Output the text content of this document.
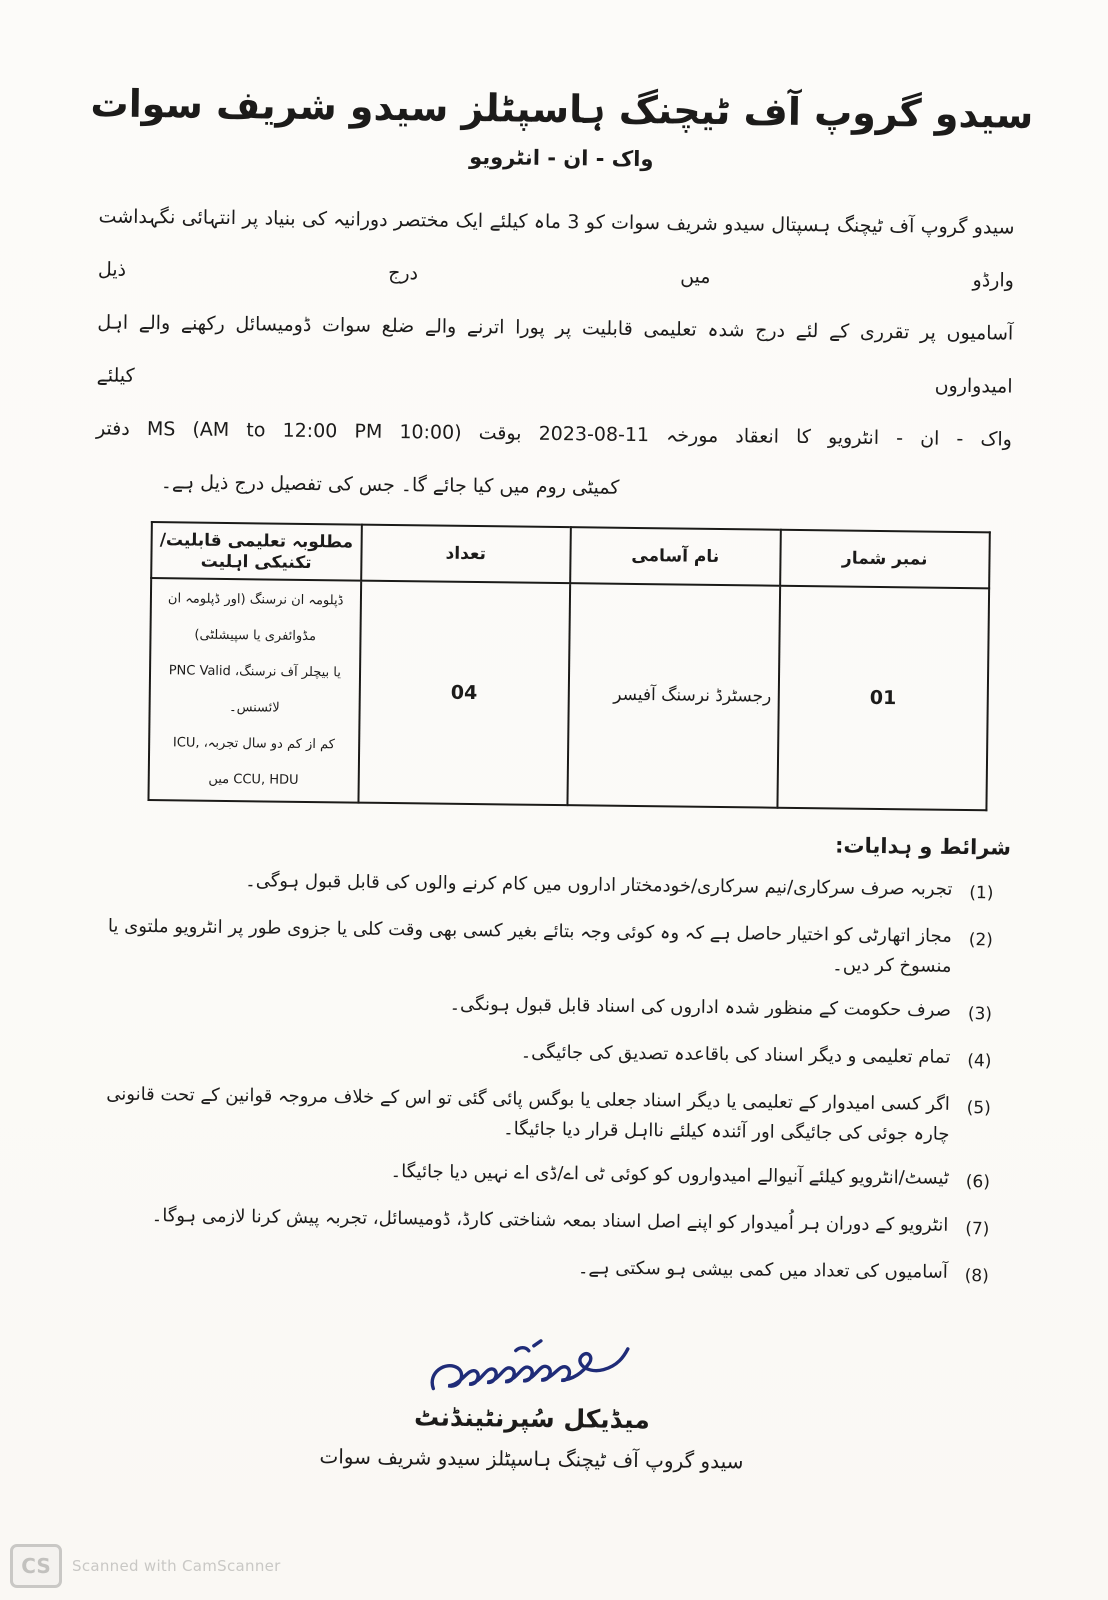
سیدو گروپ آف ٹیچنگ ہاسپٹلز سیدو شریف سوات
واک - ان - انٹرویو
سیدو گروپ آف ٹیچنگ ہسپتال سیدو شریف سوات کو 3 ماہ کیلئے ایک مختصر دورانیہ کی بنیاد پر انتہائی نگہداشت وارڈو میں درج ذیل
آسامیوں پر تقرری کے لئے درج شدہ تعلیمی قابلیت پر پورا اترنے والے ضلع سوات ڈومیسائل رکھنے والے اہل امیدواروں کیلئے
واک - ان - انٹرویو کا انعقاد مورخہ 11-08-2023 بوقت (10:00 AM to 12:00 PM) MS دفتر
کمیٹی روم میں کیا جائے گا۔ جس کی تفصیل درج ذیل ہے۔
نمبر شمار	نام آسامی	تعداد	مطلوبہ تعلیمی قابلیت/تکنیکی اہلیت
01	رجسٹرڈ نرسنگ آفیسر	04	ڈپلومہ ان نرسنگ (اور ڈپلومہ ان مڈوائفری یا سپیشلٹی)
یا بیچلر آف نرسنگ، PNC Valid لائسنس۔
کم از کم دو سال تجربہ، ICU, CCU, HDU میں
شرائط و ہدایات:
(1)
تجربہ صرف سرکاری/نیم سرکاری/خودمختار اداروں میں کام کرنے والوں کی قابل قبول ہوگی۔
(2)
مجاز اتھارٹی کو اختیار حاصل ہے کہ وہ کوئی وجہ بتائے بغیر کسی بھی وقت کلی یا جزوی طور پر انٹرویو ملتوی یا منسوخ کر دیں۔
(3)
صرف حکومت کے منظور شدہ اداروں کی اسناد قابل قبول ہونگی۔
(4)
تمام تعلیمی و دیگر اسناد کی باقاعدہ تصدیق کی جائیگی۔
(5)
اگر کسی امیدوار کے تعلیمی یا دیگر اسناد جعلی یا بوگس پائی گئی تو اس کے خلاف مروجہ قوانین کے تحت قانونی چارہ جوئی کی جائیگی اور آئندہ کیلئے نااہل قرار دیا جائیگا۔
(6)
ٹیسٹ/انٹرویو کیلئے آنیوالے امیدواروں کو کوئی ٹی اے/ڈی اے نہیں دیا جائیگا۔
(7)
انٹرویو کے دوران ہر اُمیدوار کو اپنے اصل اسناد بمعہ شناختی کارڈ، ڈومیسائل، تجربہ پیش کرنا لازمی ہوگا۔
(8)
آسامیوں کی تعداد میں کمی بیشی ہو سکتی ہے۔
میڈیکل سُپرنٹینڈنٹ
سیدو گروپ آف ٹیچنگ ہاسپٹلز سیدو شریف سوات
CS	Scanned with CamScanner
